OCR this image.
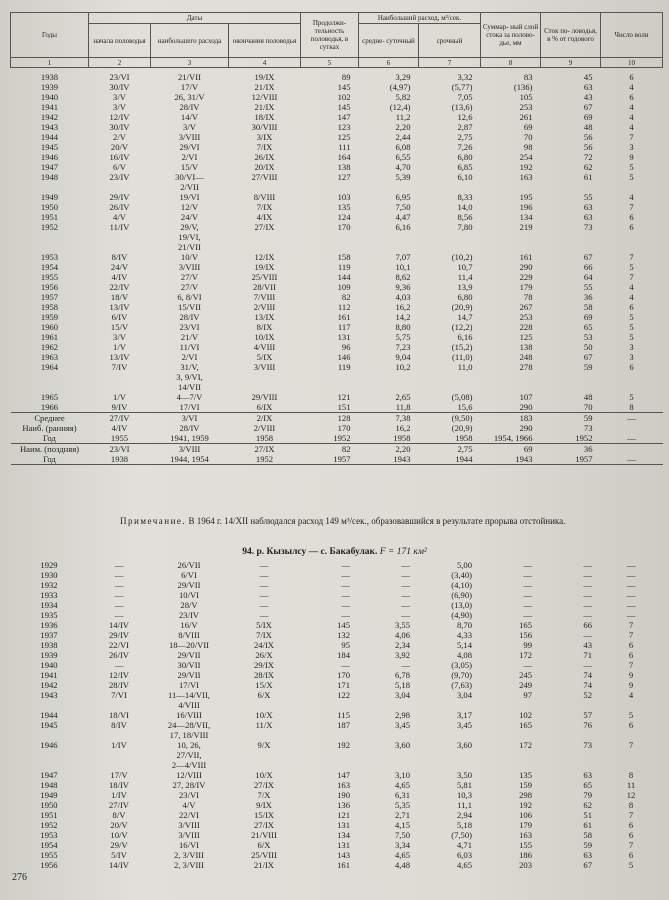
Годы	Даты			Продолжи- тельность половодья, в сутках	Наибольший расход, м³/сек.		Суммар- ный слой стока за полово- дье, мм	Сток по- ловодья, в % от годового	Число волн
	начала половодья	наибольшего расхода	окончания половодья		средне- суточный	срочный			
1	2	3	4	5	6	7	8	9	10

1938	23/VI	21/VII	19/IX	89	3,29	3,32	83	45	6
1939	30/IV	17/V	21/IX	145	(4,97)	(5,77)	(136)	63	4
1940	3/V	26, 31/V	12/VIII	102	5,82	7,05	105	43	6
1941	3/V	28/IV	21/IX	145	(12,4)	(13,6)	253	67	4
1942	12/IV	14/V	18/IX	147	11,2	12,6	261	69	4
1943	30/IV	3/V	30/VIII	123	2,20	2,87	69	48	4
1944	2/V	3/VIII	3/IX	125	2,44	2,75	70	56	7
1945	20/V	29/VI	7/IX	111	6,08	7,26	98	56	3
1946	16/IV	2/VI	26/IX	164	6,55	6,80	254	72	9
1947	6/V	15/V	20/IX	138	4,70	6,85	192	62	5
1948	23/IV	30/VI—	27/VIII	127	5,39	6,10	163	61	5
		2/VII							
1949	29/IV	19/VI	8/VIII	103	6,95	8,33	195	55	4
1950	26/IV	12/V	7/IX	135	7,50	14,0	196	63	7
1951	4/V	24/V	4/IX	124	4,47	8,56	134	63	6
1952	11/IV	29/V,	27/IX	170	6,16	7,80	219	73	6
		19/VI,							
		21/VII							
1953	8/IV	10/V	12/IX	158	7,07	(10,2)	161	67	7
1954	24/V	3/VIII	19/IX	119	10,1	10,7	290	66	5
1955	4/IV	27/V	25/VIII	144	8,62	11,4	229	64	7
1956	22/IV	27/V	28/VII	109	9,36	13,9	179	55	4
1957	18/V	6, 8/VI	7/VIII	82	4,03	6,80	78	36	4
1958	13/IV	15/VII	2/VIII	112	16,2	(20,9)	267	58	6
1959	6/IV	28/IV	13/IX	161	14,2	14,7	253	69	5
1960	15/V	23/VI	8/IX	117	8,80	(12,2)	228	65	5
1961	3/V	21/V	10/IX	131	5,75	6,16	125	53	5
1962	1/V	11/VI	4/VIII	96	7,23	(15,2)	138	50	3
1963	13/IV	2/VI	5/IX	146	9,04	(11,0)	248	67	3
1964	7/IV	31/V,	3/VIII	119	10,2	11,0	278	59	6
		3, 9/VI,							
		14/VII							
1965	1/V	4—7/V	29/VIII	121	2,65	(5,08)	107	48	5
1966	9/IV	17/VI	6/IX	151	11,8	15,6	290	70	8
Среднее	27/IV	3/VI	2/IX	128	7,38	(9,50)	183	59	—
Наиб. (ранняя)	4/IV	28/IV	2/VIII	170	16,2	(20,9)	290	73	
Год	1955	1941, 1959	1958	1952	1958	1958	1954, 1966	1952	—
Наим. (поздняя)	23/VI	3/VIII	27/IX	82	2,20	2,75	69	36	
Год	1938	1944, 1954	1952	1957	1943	1944	1943	1957	—
Примечание. В 1964 г. 14/XII наблюдался расход 149 м³/сек., образовавшийся в результате прорыва отстойника.
94. р. Кызылсу — с. Бакабулак. F = 171 км²
1929	—	26/VII	—	—	—	5,00	—	—	—
1930	—	6/VI	—	—	—	(3,40)	—	—	—
1932	—	29/VII	—	—	—	(4,10)	—	—	—
1933	—	10/VI	—	—	—	(6,90)	—	—	—
1934	—	28/V	—	—	—	(13,0)	—	—	—
1935	—	23/IV	—	—	—	(4,90)	—	—	—
1936	14/IV	16/V	5/IX	145	3,55	8,70	165	66	7
1937	29/IV	8/VIII	7/IX	132	4,06	4,33	156	—	7
1938	22/VI	18—20/VII	24/IX	95	2,34	5,14	99	43	6
1939	26/IV	29/VII	26/X	184	3,92	4,08	172	71	6
1940	—	30/VII	29/IX	—	—	(3,05)	—	—	7
1941	12/IV	29/VII	28/IX	170	6,78	(9,70)	245	74	9
1942	28/IV	17/VI	15/X	171	5,18	(7,63)	249	74	9
1943	7/VI	11—14/VII,	6/X	122	3,04	3,04	97	52	4
		4/VIII							
1944	18/VI	16/VIII	10/X	115	2,98	3,17	102	57	5
1945	8/IV	24—28/VII,	11/X	187	3,45	3,45	165	76	6
		17, 18/VIII							
1946	1/IV	10, 26,	9/X	192	3,60	3,60	172	73	7
		27/VII,							
		2—4/VIII							
1947	17/V	12/VIII	10/X	147	3,10	3,50	135	63	8
1948	18/IV	27, 28/IV	27/IX	163	4,65	5,81	159	65	11
1949	1/IV	23/VI	7/X	190	6,31	10,3	298	79	12
1950	27/IV	4/V	9/IX	136	5,35	11,1	192	62	8
1951	8/V	22/VI	15/IX	121	2,71	2,94	106	51	7
1952	20/V	3/VIII	27/IX	131	4,15	5,18	179	61	6
1953	10/V	3/VIII	21/VIII	134	7,50	(7,50)	163	58	6
1954	29/V	16/VI	6/X	131	3,34	4,71	155	59	7
1955	5/IV	2, 3/VIII	25/VIII	143	4,65	6,03	186	63	6
1956	14/IV	2, 3/VIII	21/IX	161	4,48	4,65	203	67	5
276
